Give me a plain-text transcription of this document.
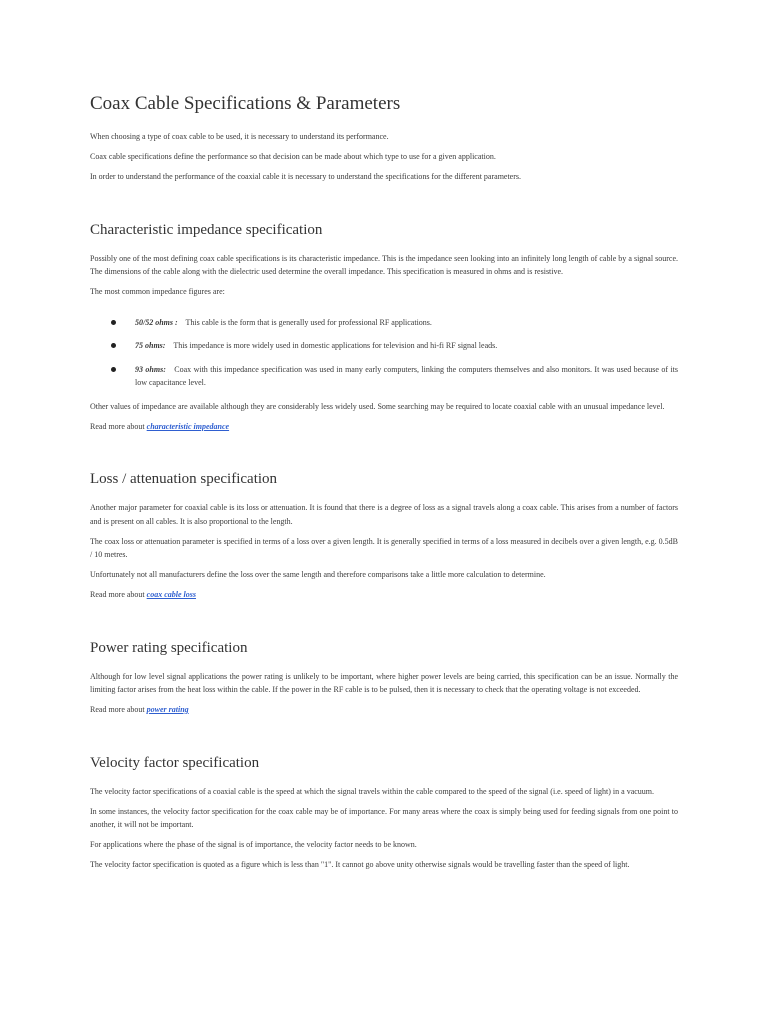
Coax Cable Specifications & Parameters

When choosing a type of coax cable to be used, it is necessary to understand its performance.

Coax cable specifications define the performance so that decision can be made about which type to use for a given application.

In order to understand the performance of the coaxial cable it is necessary to understand the specifications for the different parameters.

Characteristic impedance specification

Possibly one of the most defining coax cable specifications is its characteristic impedance. This is the impedance seen looking into an infinitely long length of cable by a signal source. The dimensions of the cable along with the dielectric used determine the overall impedance. This specification is measured in ohms and is resistive.

The most common impedance figures are:

50/52 ohms : This cable is the form that is generally used for professional RF applications.
75 ohms: This impedance is more widely used in domestic applications for television and hi-fi RF signal leads.
93 ohms: Coax with this impedance specification was used in many early computers, linking the computers themselves and also monitors. It was used because of its low capacitance level.

Other values of impedance are available although they are considerably less widely used. Some searching may be required to locate coaxial cable with an unusual impedance level.

Read more about characteristic impedance

Loss / attenuation specification

Another major parameter for coaxial cable is its loss or attenuation. It is found that there is a degree of loss as a signal travels along a coax cable. This arises from a number of factors and is present on all cables. It is also proportional to the length.

The coax loss or attenuation parameter is specified in terms of a loss over a given length. It is generally specified in terms of a loss measured in decibels over a given length, e.g. 0.5dB / 10 metres.

Unfortunately not all manufacturers define the loss over the same length and therefore comparisons take a little more calculation to determine.

Read more about coax cable loss

Power rating specification

Although for low level signal applications the power rating is unlikely to be important, where higher power levels are being carried, this specification can be an issue. Normally the limiting factor arises from the heat loss within the cable. If the power in the RF cable is to be pulsed, then it is necessary to check that the operating voltage is not exceeded.

Read more about power rating

Velocity factor specification

The velocity factor specifications of a coaxial cable is the speed at which the signal travels within the cable compared to the speed of the signal (i.e. speed of light) in a vacuum.

In some instances, the velocity factor specification for the coax cable may be of importance. For many areas where the coax is simply being used for feeding signals from one point to another, it will not be important.

For applications where the phase of the signal is of importance, the velocity factor needs to be known.

The velocity factor specification is quoted as a figure which is less than "1". It cannot go above unity otherwise signals would be travelling faster than the speed of light.
